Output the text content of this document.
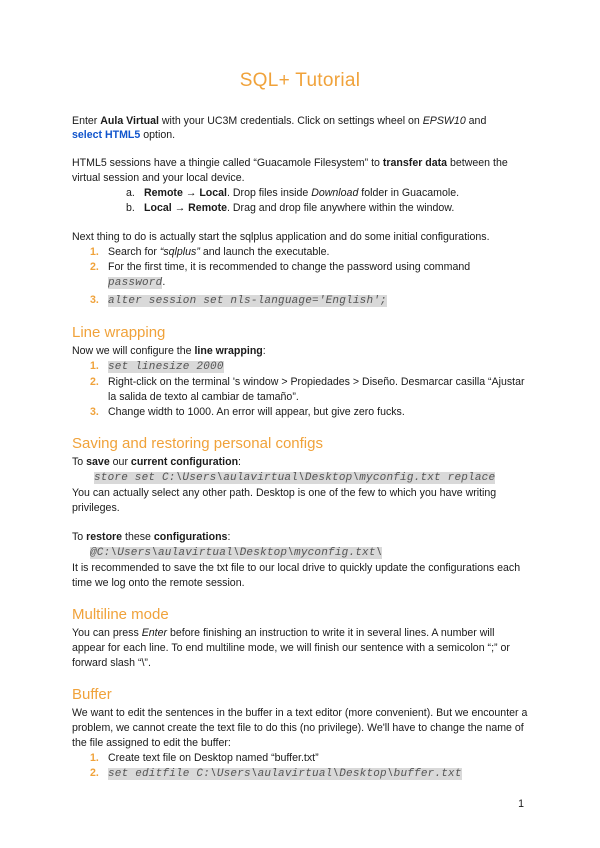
SQL+ Tutorial

Enter Aula Virtual with your UC3M credentials. Click on settings wheel on EPSW10 and
select HTML5 option.

HTML5 sessions have a thingie called “Guacamole Filesystem” to transfer data between the virtual session and your local device.

a. Remote → Local. Drop files inside Download folder in Guacamole.
b. Local → Remote. Drag and drop file anywhere within the window.

Next thing to do is actually start the sqlplus application and do some initial configurations.

1. Search for “sqlplus” and launch the executable.
2. For the first time, it is recommended to change the password using command
password.
3. alter session set nls-language='English';
Line wrapping

Now we will configure the line wrapping:

1. set linesize 2000
2. Right-click on the terminal 's window > Propiedades > Diseño. Desmarcar casilla “Ajustar la salida de texto al cambiar de tamaño”.
3. Change width to 1000. An error will appear, but give zero fucks.
Saving and restoring personal configs

To save our current configuration:

store set C:\Users\aulavirtual\Desktop\myconfig.txt replace

You can actually select any other path. Desktop is one of the few to which you have writing privileges.

To restore these configurations:

@C:\Users\aulavirtual\Desktop\myconfig.txt\

It is recommended to save the txt file to our local drive to quickly update the configurations each time we log onto the remote session.

Multiline mode

You can press Enter before finishing an instruction to write it in several lines. A number will appear for each line. To end multiline mode, we will finish our sentence with a semicolon “;” or forward slash “\”.

Buffer

We want to edit the sentences in the buffer in a text editor (more convenient). But we encounter a problem, we cannot create the text file to do this (no privilege). We'll have to change the name of the file assigned to edit the buffer:

1. Create text file on Desktop named “buffer.txt”
2. set editfile C:\Users\aulavirtual\Desktop\buffer.txt
1
